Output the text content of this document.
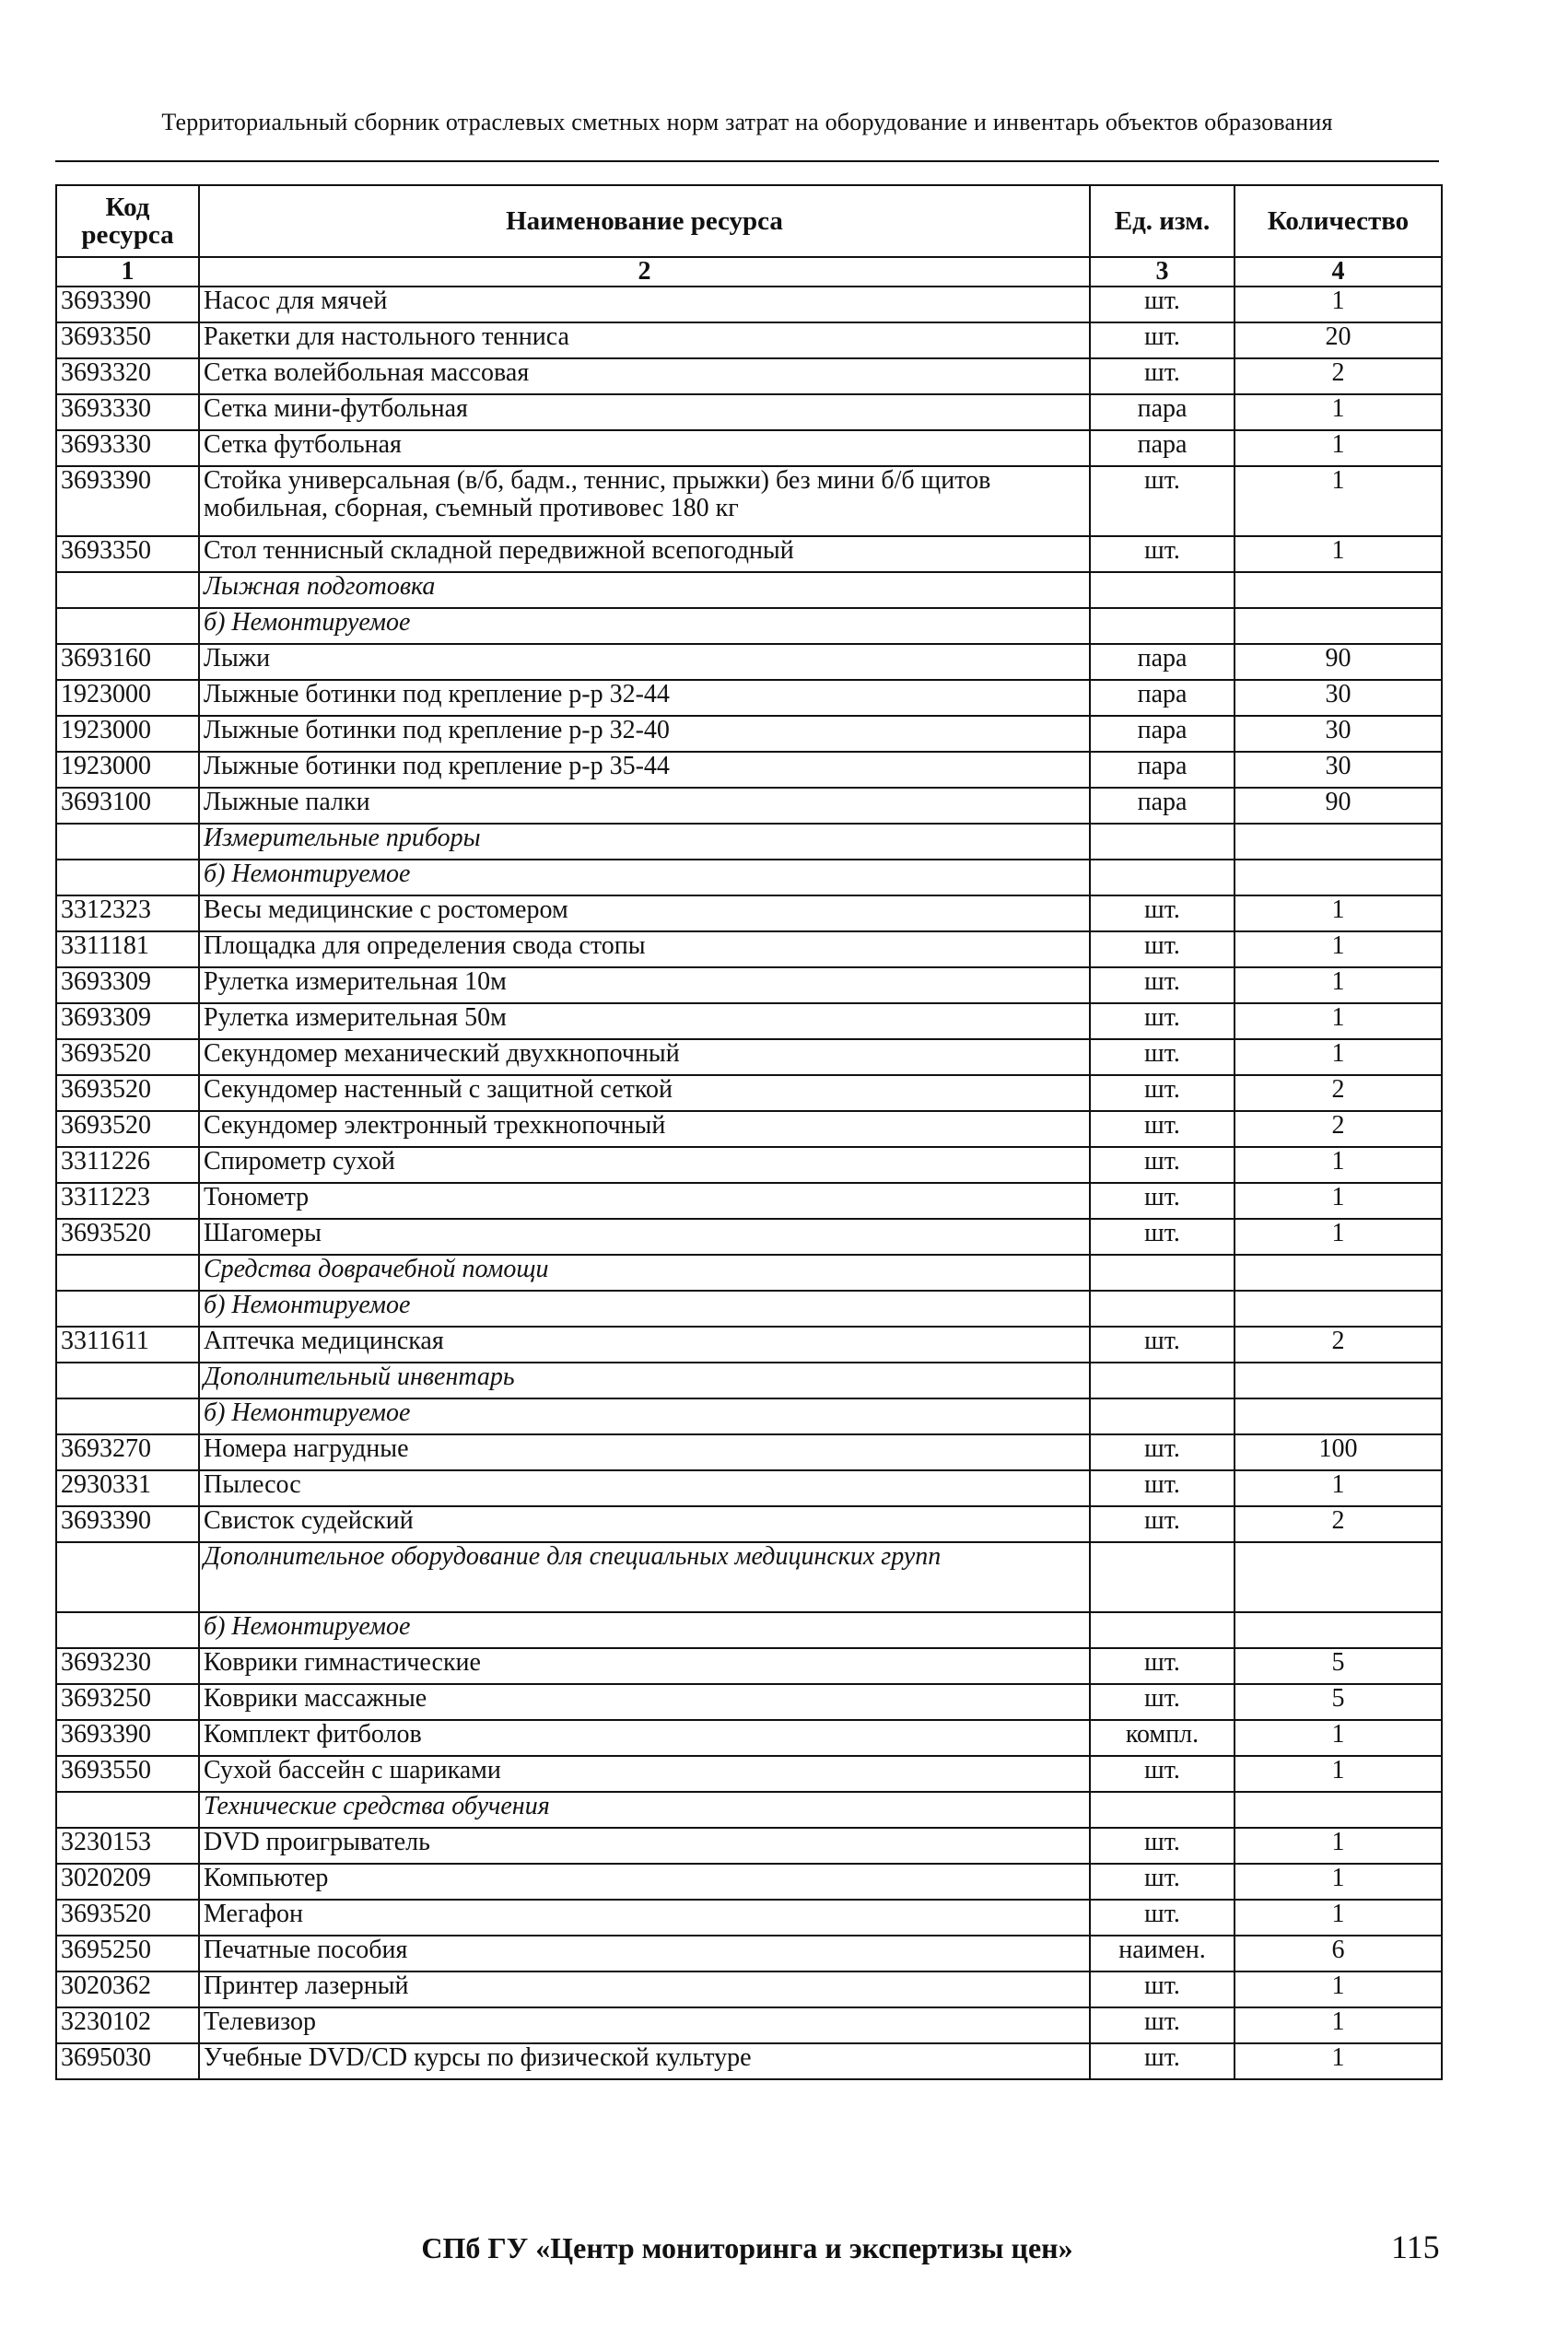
Территориальный сборник отраслевых сметных норм затрат на оборудование и инвентарь объектов образования
Код ресурса	Наименование ресурса	Ед. изм.	Количество
1	2	3	4
3693390	Насос для мячей	шт.	1
3693350	Ракетки для настольного тенниса	шт.	20
3693320	Сетка волейбольная массовая	шт.	2
3693330	Сетка мини-футбольная	пара	1
3693330	Сетка футбольная	пара	1
3693390	Стойка универсальная (в/б, бадм., теннис, прыжки) без мини б/б щитов мобильная, сборная, съемный противовес 180 кг	шт.	1
3693350	Стол теннисный складной передвижной всепогодный	шт.	1
	Лыжная подготовка		
	б) Немонтируемое		
3693160	Лыжи	пара	90
1923000	Лыжные ботинки под крепление р-р 32-44	пара	30
1923000	Лыжные ботинки под крепление р-р 32-40	пара	30
1923000	Лыжные ботинки под крепление р-р 35-44	пара	30
3693100	Лыжные палки	пара	90
	Измерительные приборы		
	б) Немонтируемое		
3312323	Весы медицинские с ростомером	шт.	1
3311181	Площадка для определения свода стопы	шт.	1
3693309	Рулетка измерительная 10м	шт.	1
3693309	Рулетка измерительная 50м	шт.	1
3693520	Секундомер механический двухкнопочный	шт.	1
3693520	Секундомер настенный с защитной сеткой	шт.	2
3693520	Секундомер электронный трехкнопочный	шт.	2
3311226	Спирометр сухой	шт.	1
3311223	Тонометр	шт.	1
3693520	Шагомеры	шт.	1
	Средства доврачебной помощи		
	б) Немонтируемое		
3311611	Аптечка медицинская	шт.	2
	Дополнительный инвентарь		
	б) Немонтируемое		
3693270	Номера нагрудные	шт.	100
2930331	Пылесос	шт.	1
3693390	Свисток судейский	шт.	2
	Дополнительное оборудование для специальных медицинских групп		
	б) Немонтируемое		
3693230	Коврики гимнастические	шт.	5
3693250	Коврики массажные	шт.	5
3693390	Комплект фитболов	компл.	1
3693550	Сухой бассейн с шариками	шт.	1
	Технические средства обучения		
3230153	DVD проигрыватель	шт.	1
3020209	Компьютер	шт.	1
3693520	Мегафон	шт.	1
3695250	Печатные пособия	наимен.	6
3020362	Принтер лазерный	шт.	1
3230102	Телевизор	шт.	1
3695030	Учебные DVD/CD курсы по физической культуре	шт.	1
СПб ГУ «Центр мониторинга и экспертизы цен»	115
